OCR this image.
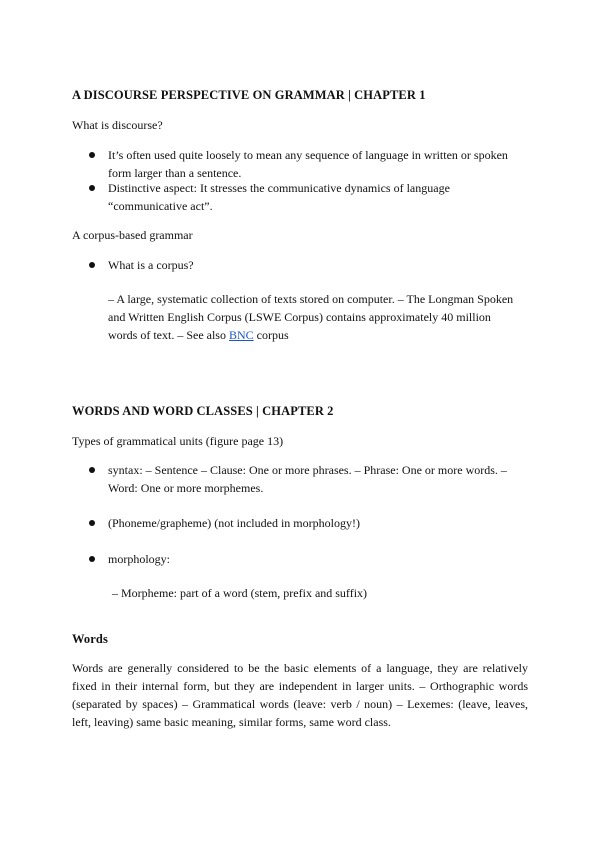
A DISCOURSE PERSPECTIVE ON GRAMMAR | CHAPTER 1
What is discourse?
It’s often used quite loosely to mean any sequence of language in written or spoken form larger than a sentence.
Distinctive aspect: It stresses the communicative dynamics of language “communicative act”.
A corpus-based grammar
What is a corpus?
– A large, systematic collection of texts stored on computer. – The Longman Spoken and Written English Corpus (LSWE Corpus) contains approximately 40 million words of text. – See also BNC corpus
WORDS AND WORD CLASSES | CHAPTER 2
Types of grammatical units (figure page 13)
syntax: – Sentence – Clause: One or more phrases. – Phrase: One or more words. – Word: One or more morphemes.
(Phoneme/grapheme) (not included in morphology!)
morphology:
– Morpheme: part of a word (stem, prefix and suffix)
Words
Words are generally considered to be the basic elements of a language, they are relatively fixed in their internal form, but they are independent in larger units. – Orthographic words (separated by spaces) – Grammatical words (leave: verb / noun) – Lexemes: (leave, leaves, left, leaving) same basic meaning, similar forms, same word class.
